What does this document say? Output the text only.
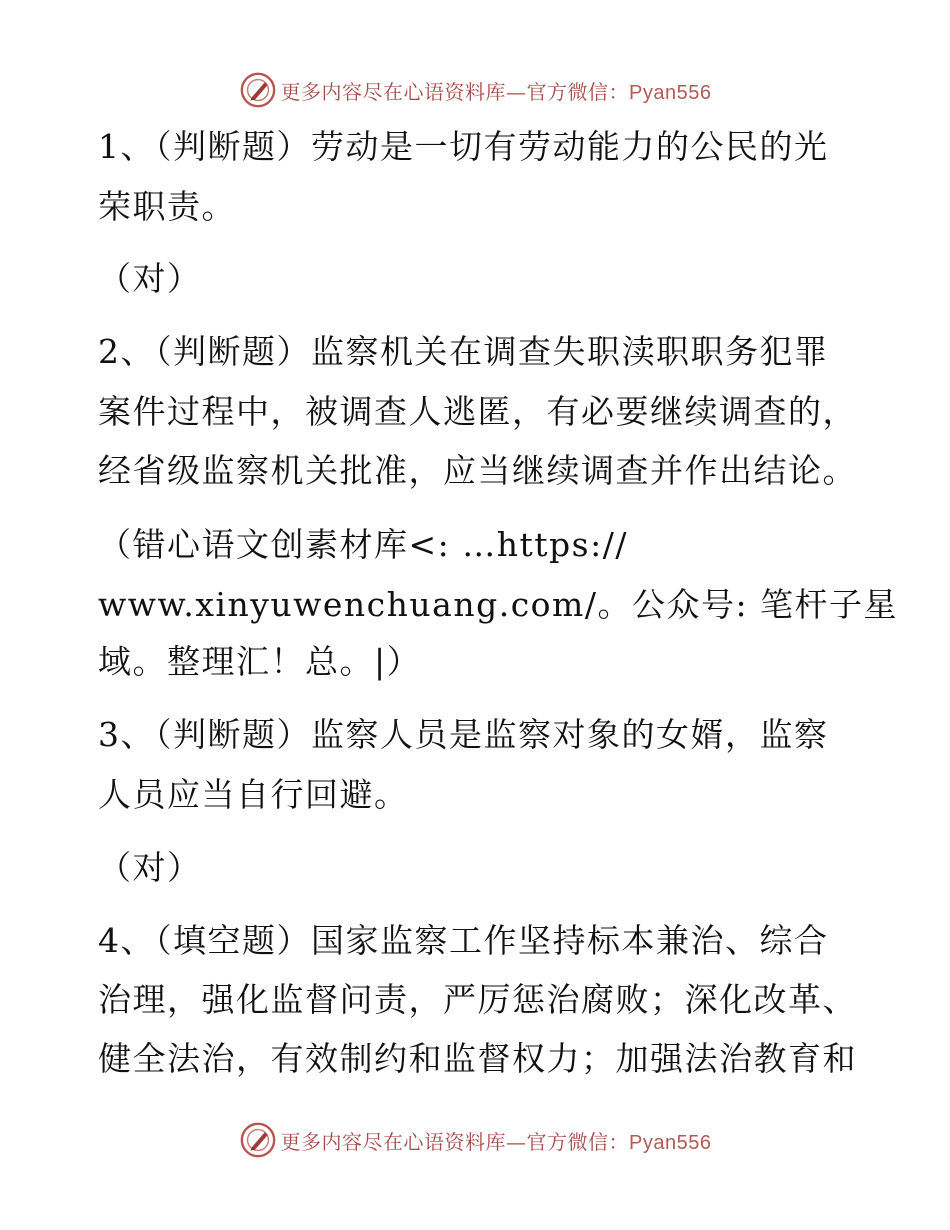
更多内容尽在心语资料库—官方微信：Pyan556
1、（判断题）劳动是一切有劳动能力的公民的光
荣职责。
（对）
2、（判断题）监察机关在调查失职渎职职务犯罪
案件过程中，被调查人逃匿，有必要继续调查的，
经省级监察机关批准，应当继续调查并作出结论。
（错心语文创素材库<: …https://
www.xinyuwenchuang.com/。公众号: 笔杆子星
域。整理汇！总。|）
3、（判断题）监察人员是监察对象的女婿，监察
人员应当自行回避。
（对）
4、（填空题）国家监察工作坚持标本兼治、综合
治理，强化监督问责，严厉惩治腐败；深化改革、
健全法治，有效制约和监督权力；加强法治教育和
更多内容尽在心语资料库—官方微信：Pyan556
